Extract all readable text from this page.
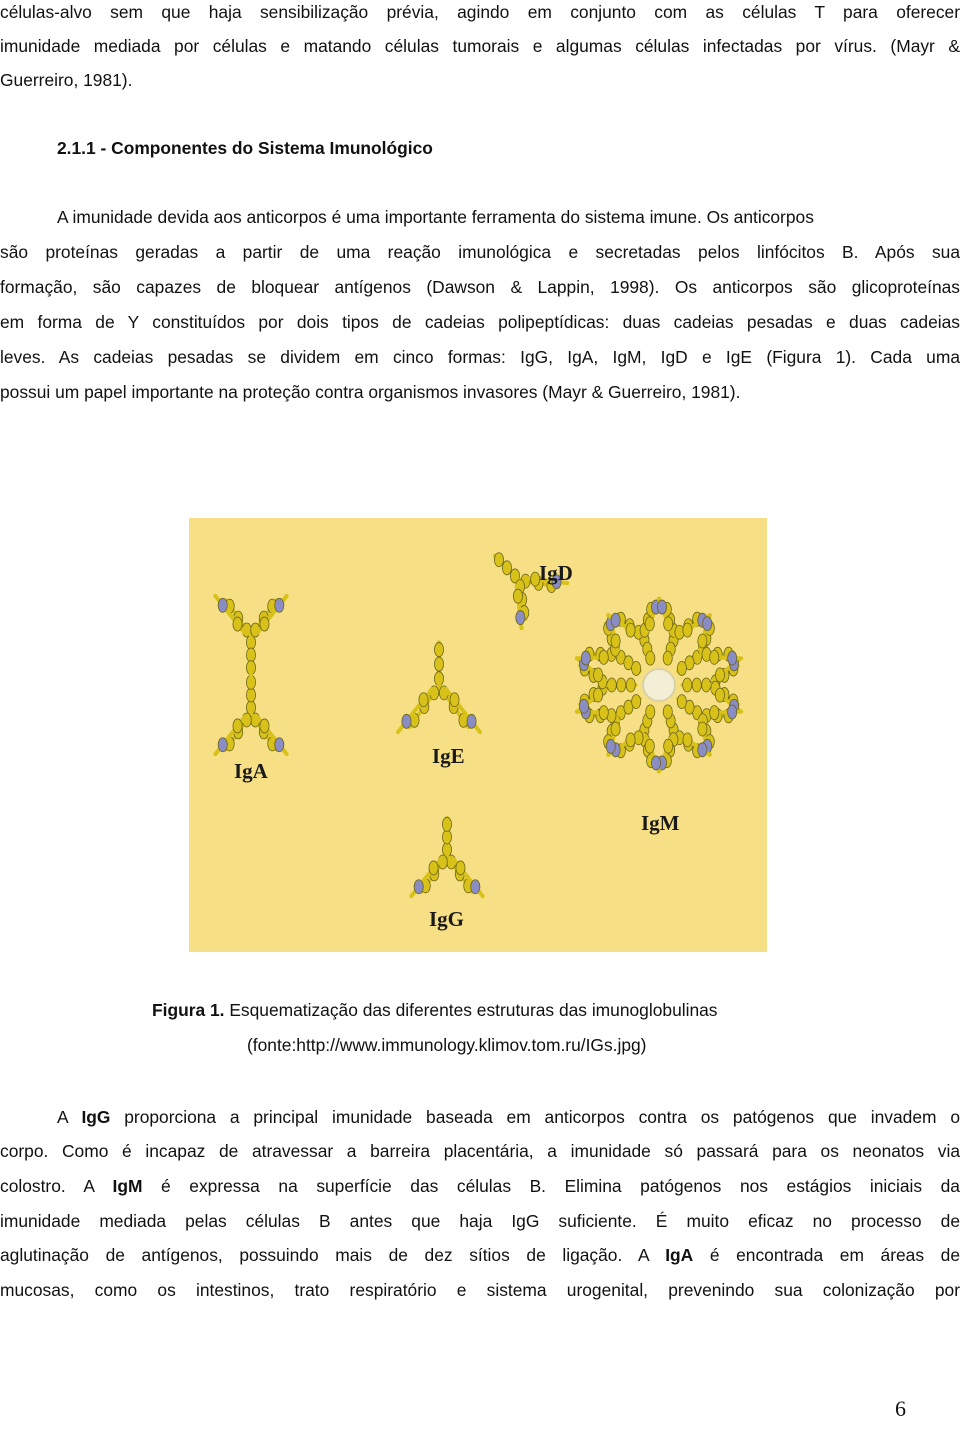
células-alvo sem que haja sensibilização prévia, agindo em conjunto com as células T para oferecer
imunidade mediada por células e matando células tumorais e algumas células infectadas por vírus. (Mayr &
Guerreiro, 1981).
2.1.1 - Componentes do Sistema Imunológico
A imunidade devida aos anticorpos é uma importante ferramenta do sistema imune. Os anticorpos
são proteínas geradas a partir de uma reação imunológica e secretadas pelos linfócitos B. Após sua
formação, são capazes de bloquear antígenos (Dawson & Lappin, 1998). Os anticorpos são glicoproteínas
em forma de Y constituídos por dois tipos de cadeias polipeptídicas: duas cadeias pesadas e duas cadeias
leves. As cadeias pesadas se dividem em cinco formas: IgG, IgA, IgM, IgD e IgE (Figura 1). Cada uma
possui um papel importante na proteção contra organismos invasores (Mayr & Guerreiro, 1981).
IgD
IgA
IgE
IgM
IgG
Figura 1. Esquematização das diferentes estruturas das imunoglobulinas
(fonte:http://www.immunology.klimov.tom.ru/IGs.jpg)
A IgG proporciona a principal imunidade baseada em anticorpos contra os patógenos que invadem o
corpo. Como é incapaz de atravessar a barreira placentária, a imunidade só passará para os neonatos via
colostro. A IgM é expressa na superfície das células B. Elimina patógenos nos estágios iniciais da
imunidade mediada pelas células B antes que haja IgG suficiente. É muito eficaz no processo de
aglutinação de antígenos, possuindo mais de dez sítios de ligação. A IgA é encontrada em áreas de
mucosas, como os intestinos, trato respiratório e sistema urogenital, prevenindo sua colonização por
6
